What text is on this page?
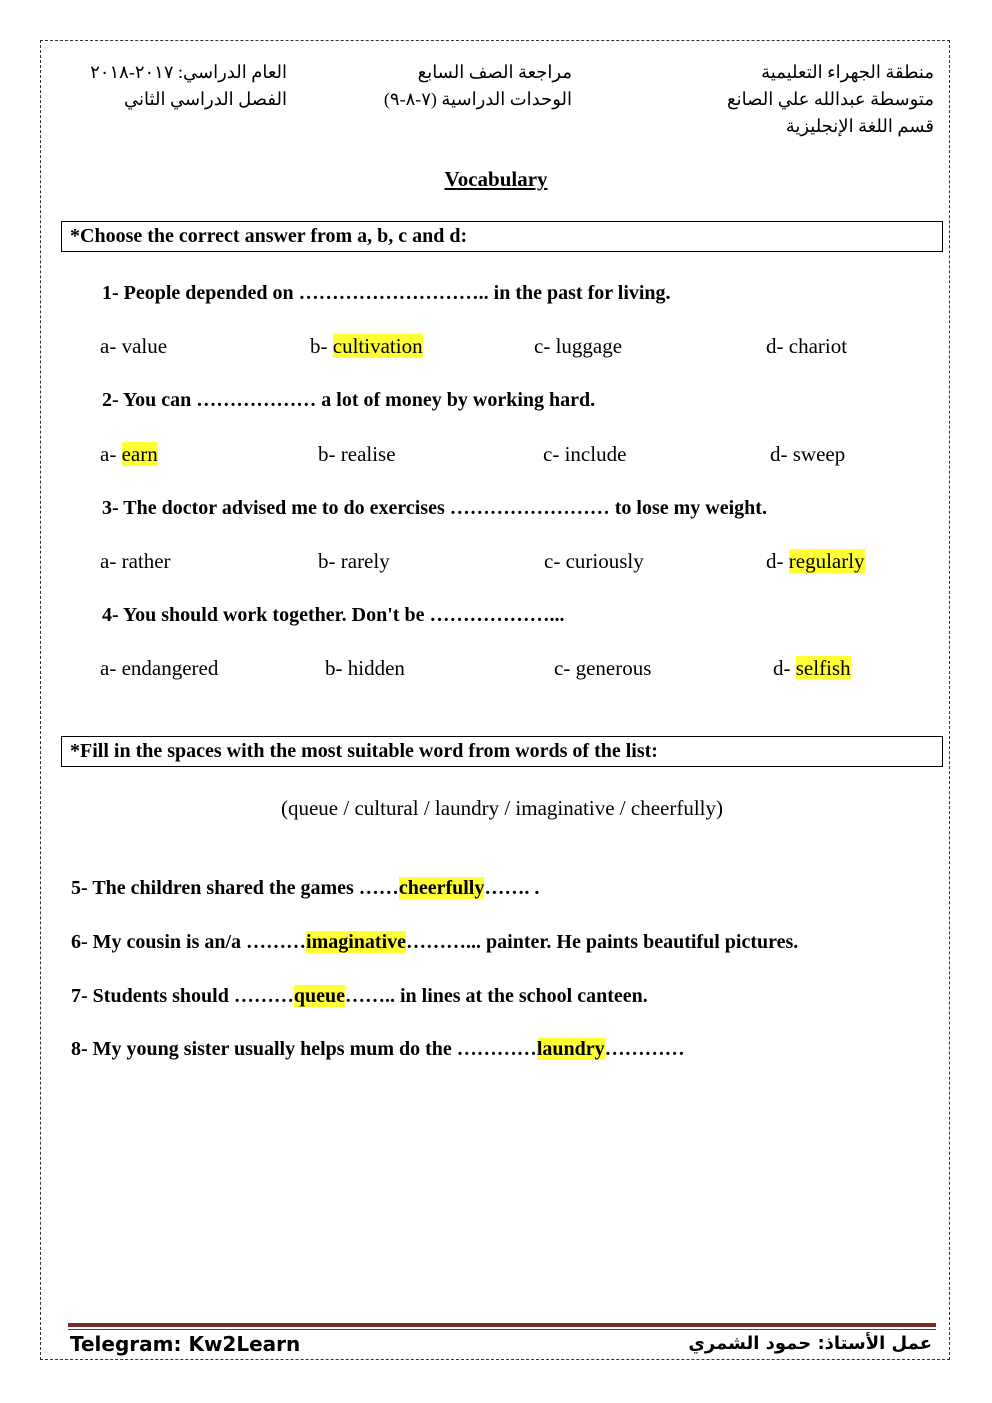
منطقة الجهراء التعليمية
متوسطة عبدالله علي الصانع
قسم اللغة الإنجليزية
مراجعة الصف السابع
الوحدات الدراسية (٧-٨-٩)
العام الدراسي: ٢٠١٧-٢٠١٨
الفصل الدراسي الثاني
Vocabulary
*Choose the correct answer from a, b, c and d:
1- People depended on ……………………….. in the past for living.
a- value	b- cultivation	c- luggage	d- chariot
2- You can ……………… a lot of money by working hard.
a- earn	b- realise	c- include	d- sweep
3- The doctor advised me to do exercises …………………… to lose my weight.
a- rather	b- rarely	c- curiously	d- regularly
4- You should work together. Don't be ………………...
a- endangered	b- hidden	c- generous	d- selfish
*Fill in the spaces with the most suitable word from words of the list:
(queue / cultural / laundry / imaginative / cheerfully)
5- The children shared the games ……cheerfully……. .
6- My cousin is an/a ………imaginative………... painter. He paints beautiful pictures.
7- Students should ………queue…….. in lines at the school canteen.
8- My young sister usually helps mum do the …………laundry…………
Telegram: Kw2Learn	عمل الأستاذ: حمود الشمري
